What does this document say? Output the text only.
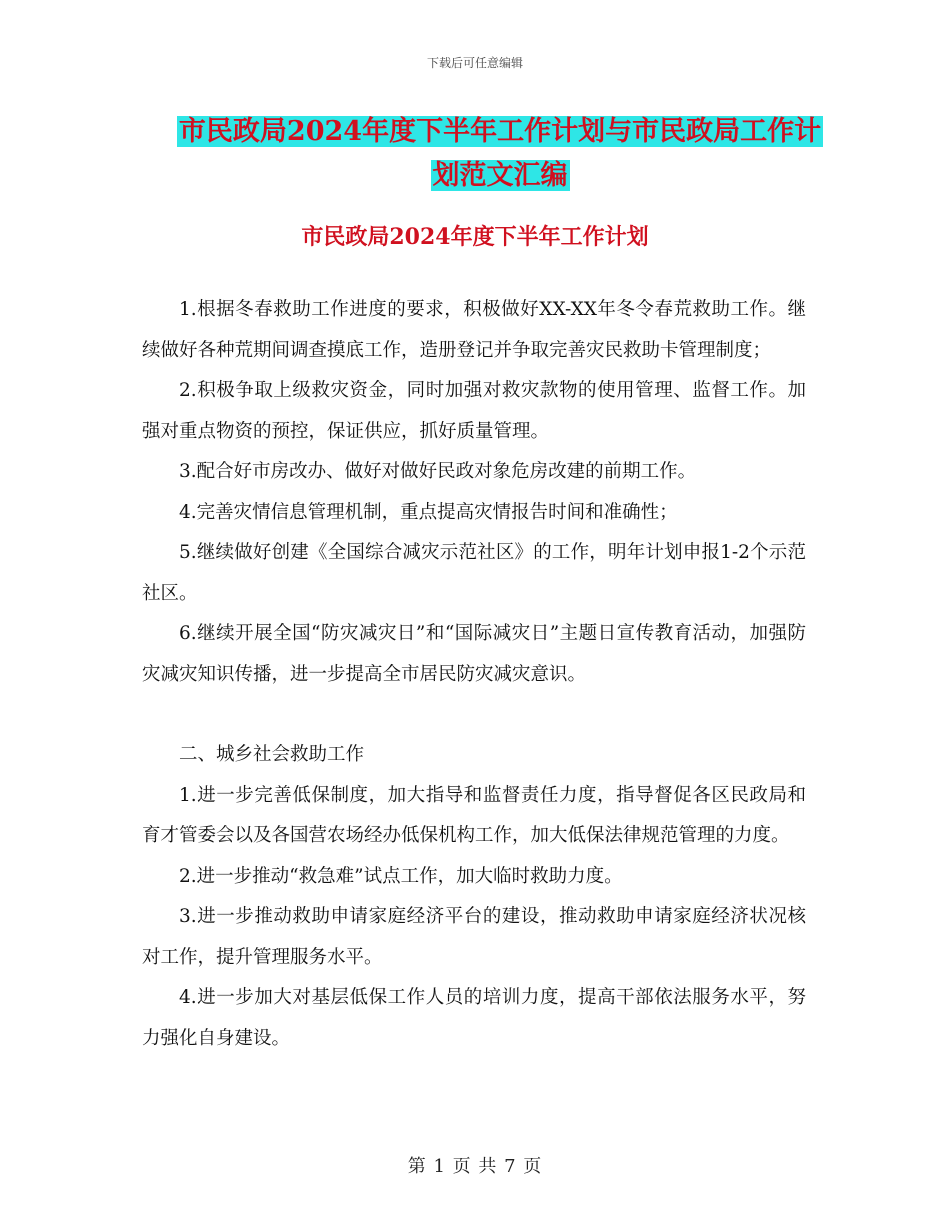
下载后可任意编辑
市民政局2024年度下半年工作计划与市民政局工作计
划范文汇编
市民政局2024年度下半年工作计划

1.根据冬春救助工作进度的要求，积极做好XX-XX年冬令春荒救助工作。继续做好各种荒期间调查摸底工作，造册登记并争取完善灾民救助卡管理制度；

2.积极争取上级救灾资金，同时加强对救灾款物的使用管理、监督工作。加强对重点物资的预控，保证供应，抓好质量管理。

3.配合好市房改办、做好对做好民政对象危房改建的前期工作。

4.完善灾情信息管理机制，重点提高灾情报告时间和准确性；

5.继续做好创建《全国综合减灾示范社区》的工作，明年计划申报1-2个示范社区。

6.继续开展全国“防灾减灾日”和“国际减灾日”主题日宣传教育活动，加强防灾减灾知识传播，进一步提高全市居民防灾减灾意识。

二、城乡社会救助工作

1.进一步完善低保制度，加大指导和监督责任力度，指导督促各区民政局和育才管委会以及各国营农场经办低保机构工作，加大低保法律规范管理的力度。

2.进一步推动“救急难”试点工作，加大临时救助力度。

3.进一步推动救助申请家庭经济平台的建设，推动救助申请家庭经济状况核对工作，提升管理服务水平。

4.进一步加大对基层低保工作人员的培训力度，提高干部依法服务水平，努力强化自身建设。

第 1 页 共 7 页
